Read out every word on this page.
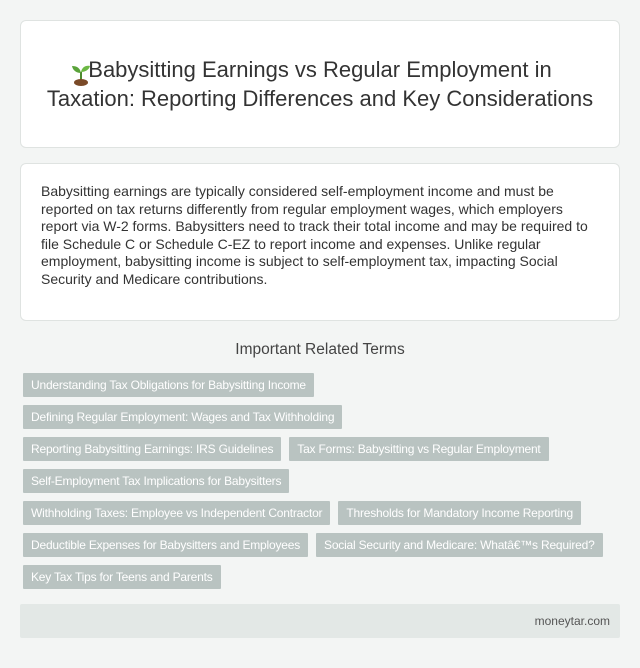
Babysitting Earnings vs Regular Employment in Taxation: Reporting Differences and Key Considerations

Babysitting earnings are typically considered self-employment income and must be reported on tax returns differently from regular employment wages, which employers report via W-2 forms. Babysitters need to track their total income and may be required to file Schedule C or Schedule C-EZ to report income and expenses. Unlike regular employment, babysitting income is subject to self-employment tax, impacting Social Security and Medicare contributions.

Important Related Terms
Understanding Tax Obligations for Babysitting Income
Defining Regular Employment: Wages and Tax Withholding
Reporting Babysitting Earnings: IRS Guidelines	Tax Forms: Babysitting vs Regular Employment
Self-Employment Tax Implications for Babysitters
Withholding Taxes: Employee vs Independent Contractor	Thresholds for Mandatory Income Reporting
Deductible Expenses for Babysitters and Employees	Social Security and Medicare: Whatâ€™s Required?
Key Tax Tips for Teens and Parents
moneytar.com
